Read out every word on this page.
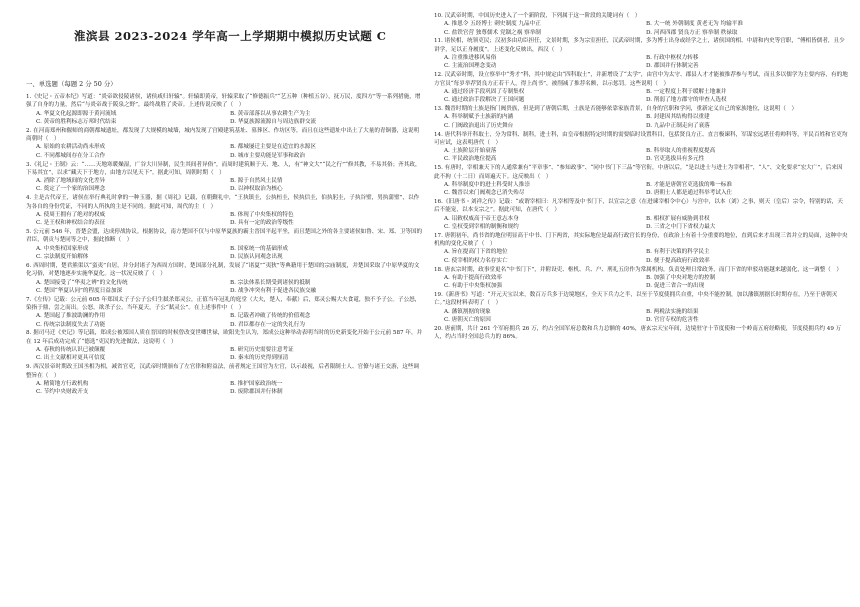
淮滨县 2023-2024 学年高一上学期期中模拟历史试题 C
一、单选题（每题 2 分 50 分）
1.《史记・五帝本纪》写道：“炎帝欲侵陵诸侯，诸侯咸归轩辕”。轩辕即黄帝，轩辕采取了“修德振兵”“艺五种（种植五谷），抚万民，度四方”等一系列措施，增强了自身的力量，然后“与炎帝战于阪泉之野”，最终战胜了炎帝。上述传说反映了（　）
A. 华夏文化起源即源于黄河流域	B. 黄帝部落以从事农耕生产为主
C. 黄帝的胜利标志万邦时代结束	D. 华夏族源流源自与周边族群交流
2. 在河南郑州和偃师的商朝都城遗址，都发现了大规模的城墙，城内发现了宫殿建筑基址、墓葬区、作坊区等，而且在这些遗址中出土了大量的青铜器，这说明商朝时（　）
A. 原始的农耕活动尚未形成	B. 都城屡迁主要是在适宜的水源区
C. 不同都城间存在分工合作	D. 城市主要功能是军事和政治
3.《礼记・王制》云：“……天地寒暖燥湿，广谷大川异制，民生其间者异俗”，而周时建筑顺于天、地、人，有“神文大”“民之行”“修其教，不易其俗；齐其政，下易其宜”，以求“藏天下于地方，由地方以见天下”。据此可知，周朝时期（　）
A. 消除了地域间的文化差异	B. 源于自然风土民情
C. 奠定了一个家的治国理念	D. 以神权取治为核心
4. 主是古代帝王，诸侯在举行典礼时拿的一种玉器，据《周礼》记载，在朝觐礼中，“王执镇圭，公执桓圭，侯执信圭，伯执躬圭，子执谷璧，男执蒲璧”，以作为各自的身份凭证，不同的人所执的主是不同的。据此可知，周代的主（　）
A. 使周王拥有了绝对的权威	B. 体现了中央集权的特色
C. 是王权和神权结合的表征	D. 具有一定的政治等级性
5. 公元前 546 年，晋楚会盟，达成停战协议。根据协议，南方楚国不仅与中原华夏族的霸主晋国平起平坐，而且楚国之外的各主要诸侯如鲁、宋、郑、卫等国的君臣，朝贡与楚同等之中，据此推断（　）
A. 中央集权国家形成	B. 国家统一的基础形成
C. 宗法制度开始解体	D. 民族认同观念出现
6. 西周时期，楚君熊渠以“蛮夷”自居，并分封诸子为西周方国时，楚国部分礼制，发展了“诸夏”“夷狄”等典籍用于楚国的宗庙制度，并楚国采取了中原华夏的文化习俗，对楚地逐步实施华夏化。这一状况反映了（　）
A. 楚国接受了“华夷之辨”的文化传统	B. 宗法体系长期受到诸侯的抵制
C. 楚国“华夏认同”的程度日益加深	D. 战争冲突有利于促进各民族交融
7.《左传》记载：公元前 605 年郑国太子子公子公归生弑杀郑灵公，正值当年冠礼的庭堂（大夫，楚人，奉献）后，郑灵公赐大夫食鼋，独不予子公。子公怒，染指于鼎，尝之而出。公怒，欲杀子公，当年夏天，子公“弑灵公”。在上述事件中（　）
A. 楚国起了推波助澜的作用	B. 记载者冲破了传统的价值观念
C. 传统宗法制度失去了功能	D. 君臣都存在一定的失礼行为
8. 据司马迁《史记》等记载，郑成公被郑国人质在晋国的时候曾改变世卿世禄，欧阳先生认为，郑成公这种举动表明当时的历史新变化开始于公元前 587 年，并在 12 年后成功完成了“德选”吏民的先进做法，这说明（　）
A. 春秋的传统认识已被颠覆	B. 研究历史需要注意考证
C. 出土文献相对更具可信度	D. 秦末的历史得到厘清
9. 西汉景帝时期改王国丞相为相，减省官吏，汉武帝时期颁布了左官律和附益法，前者规定王国官为左官，以示歧视，后者限制士人、官僚与诸王交游，这些调整旨在（　）
A. 精简地方行政机构	B. 推护国家政治统一
C. 节约中央财政开支	D. 废除郡国并行体制
10. 汉武帝时期，中国历史进入了一个新阶段，下列属于这一阶段的关键词有（　）
A. 推恩令 五经博士 刺史制度 九品中正	B. 大一统 外朝制度 黄老无为 均输平准
C. 盐铁官营 独尊儒术 党锢之祸 察举制	D. 河西四郡 贤良方正 察举制 秩禄取
11. 诸侯相，统领吏民；汉初多由功臣担任，文景时期，多为宗室担任，汉武帝时期，多为博士出身或经学之士，诸侯国的相、中尉和内史等官职，“傅相皆儒者，且少讲学，足以正身履度”。上述变化反映出，西汉（　）
A. 注重推进移风易俗	B. 行政中枢权力转移
C. 主流治国理念变动	D. 郡国并行体制完善
12. 汉武帝时期，设立察举中“秀才”科，其中规定由“四科取士”，并新增设了“太学”，由宫中为太守、郡县人才才能被推荐参与考试，而且多以儒学为主要内容，有的地方官员“每岁举荐贤良方正若干人，得上尚书”，被削减了推荐名额，以示惩罚。这些说明（　）
A. 通过经济手段巩固了专制集权	B. 一定程度上利于缓解土地兼并
C. 通过政治手段解决了王国问题	D. 削弱了地方郡守的审查人选权
13. 魏晋时期的土族是指门阀贵族，但是到了唐朝后期，土族是否能够依靠家族背景，自身的官职和学问，重新定义自己的家族地位，这说明（　）
A. 科举制赋予士族新的内涵	B. 封建因其结构得以重建
C. 门阀政治退出了历史舞台	D. 九品中正制走向了衰落
14. 唐代科举开科取士，分为常科、制科，进士科，由皇帝根据特定时期的需要临时设置科目，包括贤良方正、直言极谏科，军谋宏远堪任将帅科等，平民百姓和官吏均可应试，这表明唐代（　）
A. 土族阶层开始衰落	B. 科举取人的重视程度提高
C. 平民政治地位提高	D. 官吏选拔具有多元性
15. 有唐时，宰相兼天下的人通常兼有“平章事”、“参知政事”、“同中书门下三品”等官衔，中唐以后，“是以进士与进士为宰相者”，“人”、文化要求“宏大广”，后来因此不拘（十二日）而周遍天下。这反映出（　）
A. 科举制度中的进士科受时人推崇	B. 才能是唐朝官吏选拔的唯一标准
C. 魏晋以来门阀观念已消失殆尽	D. 唐朝士人都是通过科举考试入仕
16.《旧唐书・刘祥之传》记载：“或谓宰相曰：凡宰相等及中书门下，以宣宗之意（在进谏宰相令中心）与宫中，以本（刘）之事，则天（皇后）宗令，特别的话，天后不能宠，以本支宗之”。据此可知，在唐代（　）
A. 诏敕权威高于帝王意志本身	B. 相权扩展有威胁到君权
C. 皇权受到宰相的制衡和规约	D. 三省之中门下省权力最大
17. 唐朝初年，尚书省的地位明显高于中书、门下两省，其实际地位是最高行政官长的身份，在政治上有着十分重要的地位，直到后来才出现三省并立的局面，这种中央机构的变化反映了（　）
A. 旨在提高门下省的地位	B. 有利于决策的科学民主
C. 使宰相的权力名存实亡	D. 便于提高政府行政效率
18. 唐玄宗时期，政事堂更名“中书门下”，并附设吏、枢机、兵、户、刑礼五房作为常属机构，负责处理日常政务，而门下省的审驳功能越来越弱化，这一调整（　）
A. 有助于提高行政效率	B. 加强了中央对地方的控制
C. 有助于中央集权加强	D. 促进三省合一的出现
19.《新唐书》写道：“开元天宝以来，数百万兵多于边境地区，全天下兵力之半，以至于节度使拥兵自重，中央不能控制，加以藩镇割据长时期存在，乃至于唐朝灭亡。”这段材料表明了（　）
A. 藩镇割据的现象	B. 两税法实施的结果
C. 唐朝灭亡的原因	D. 官官专权的危害性
20. 唐前期，共计 261 个军府拥兵 26 万，约占全国军府总数和兵力总额的 40%，唐玄宗天宝年间，边境驻守十节度使和一个岭南五府经略使，节度使拥兵约 49 万人，约占当时全国总兵力的 86%。
